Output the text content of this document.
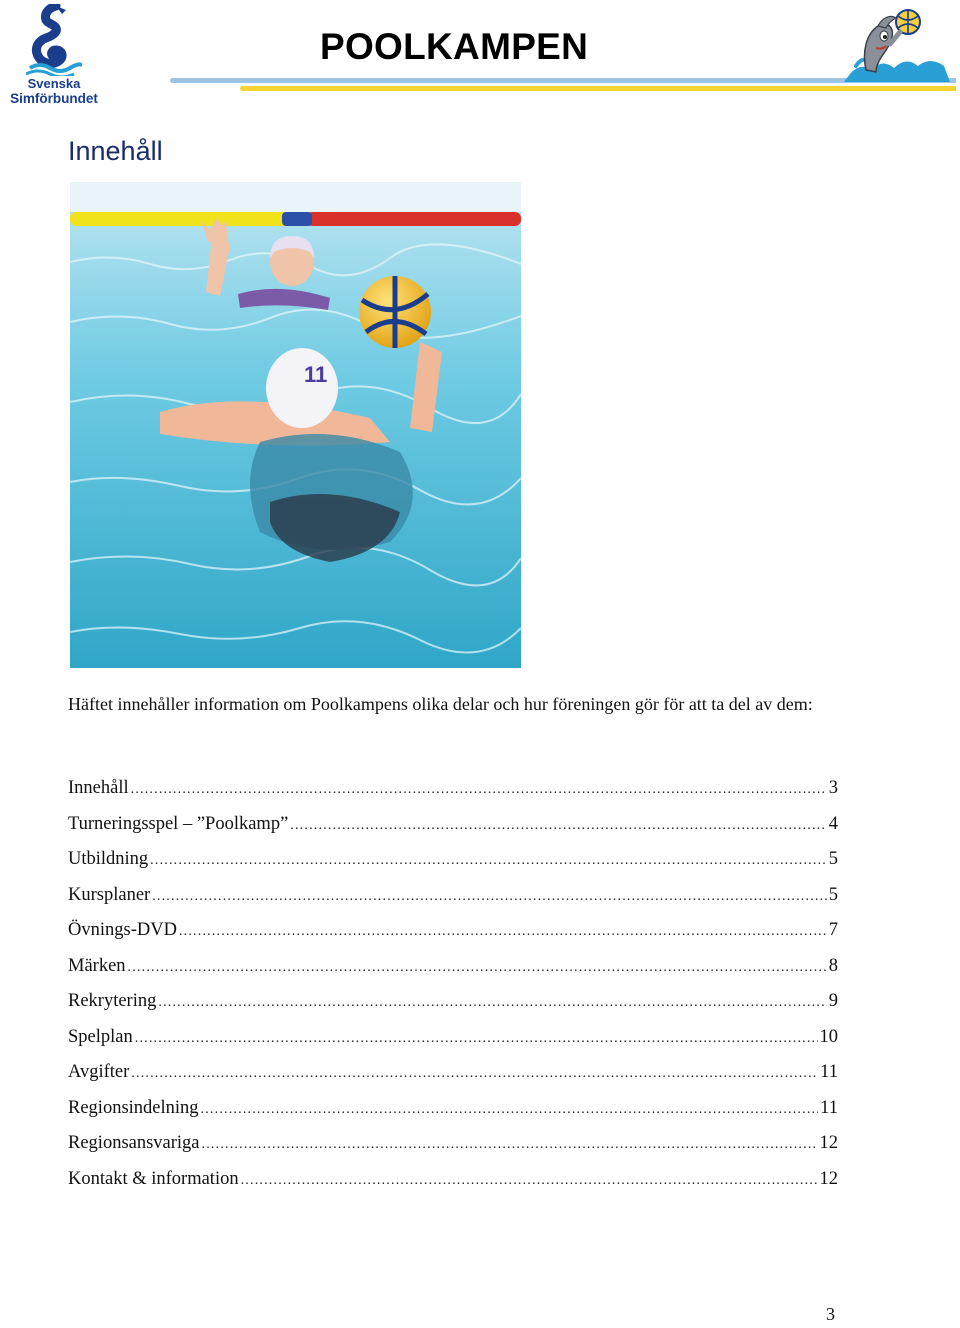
Svenska
Simförbundet
POOLKAMPEN
Innehåll
11
Häftet innehåller information om Poolkampens olika delar och hur föreningen gör för att ta del av dem:
Innehåll .....	3
Turneringsspel – ”Poolkamp” .....	4
Utbildning .....	5
Kursplaner .....	5
Övnings-DVD .....	7
Märken .....	8
Rekrytering .....	9
Spelplan .....	10
Avgifter .....	11
Regionsindelning .....	11
Regionsansvariga .....	12
Kontakt & information .....	12
3
